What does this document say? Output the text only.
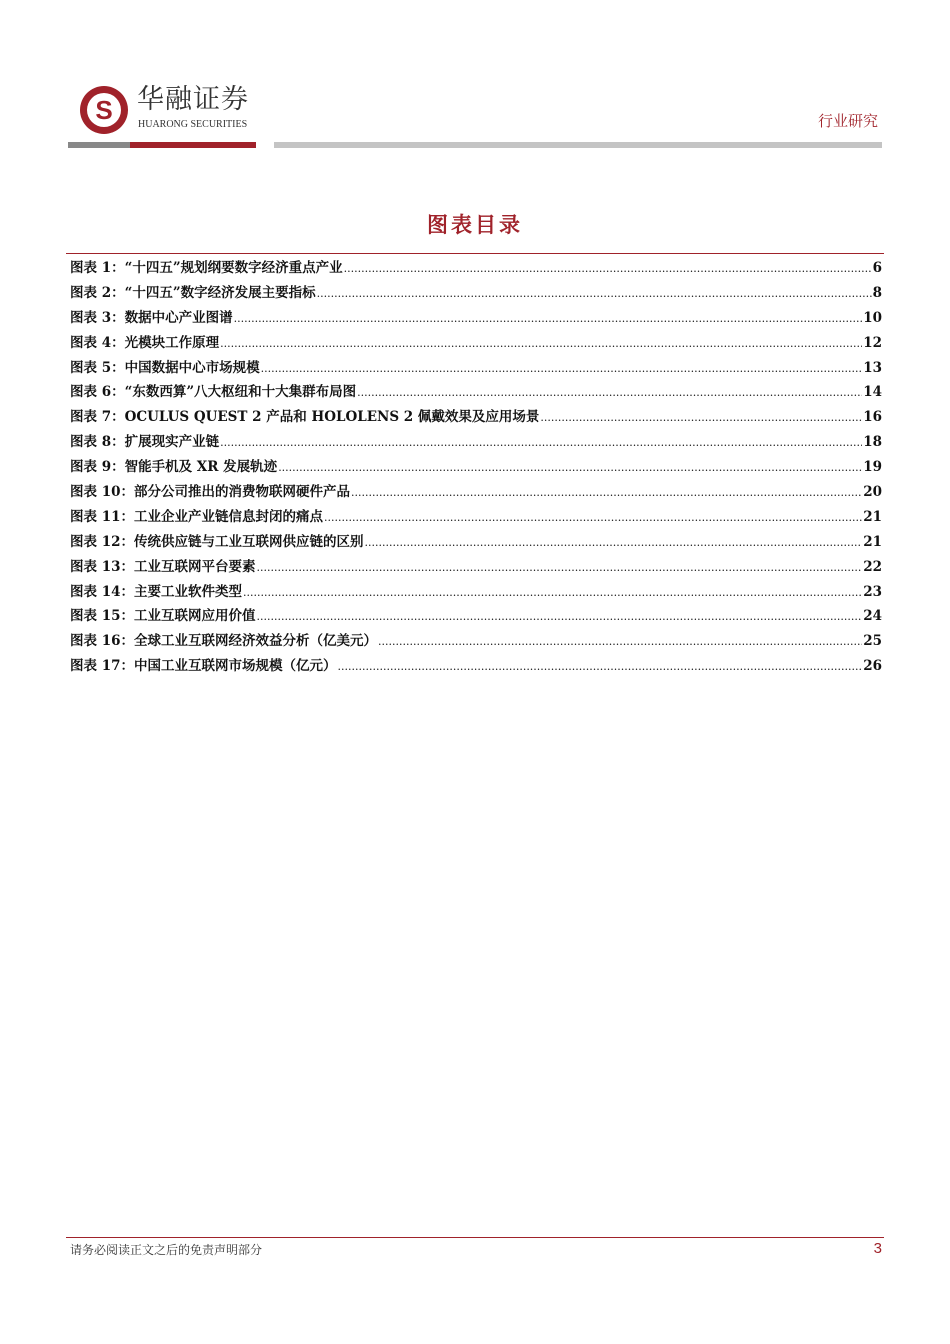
S 华融证券
HUARONG SECURITIES	行业研究
图表目录
图表 1：“十四五”规划纲要数字经济重点产业 .....	6
图表 2：“十四五”数字经济发展主要指标 .....	8
图表 3：数据中心产业图谱 .....	10
图表 4：光模块工作原理 .....	12
图表 5：中国数据中心市场规模 .....	13
图表 6：“东数西算”八大枢纽和十大集群布局图 .....	14
图表 7：OCULUS QUEST 2 产品和 HOLOLENS 2 佩戴效果及应用场景 .....	16
图表 8：扩展现实产业链 .....	18
图表 9：智能手机及 XR 发展轨迹 .....	19
图表 10：部分公司推出的消费物联网硬件产品 .....	20
图表 11：工业企业产业链信息封闭的痛点 .....	21
图表 12：传统供应链与工业互联网供应链的区别 .....	21
图表 13：工业互联网平台要素 .....	22
图表 14：主要工业软件类型 .....	23
图表 15：工业互联网应用价值 .....	24
图表 16：全球工业互联网经济效益分析（亿美元） .....	25
图表 17：中国工业互联网市场规模（亿元） .....	26
请务必阅读正文之后的免责声明部分	3
